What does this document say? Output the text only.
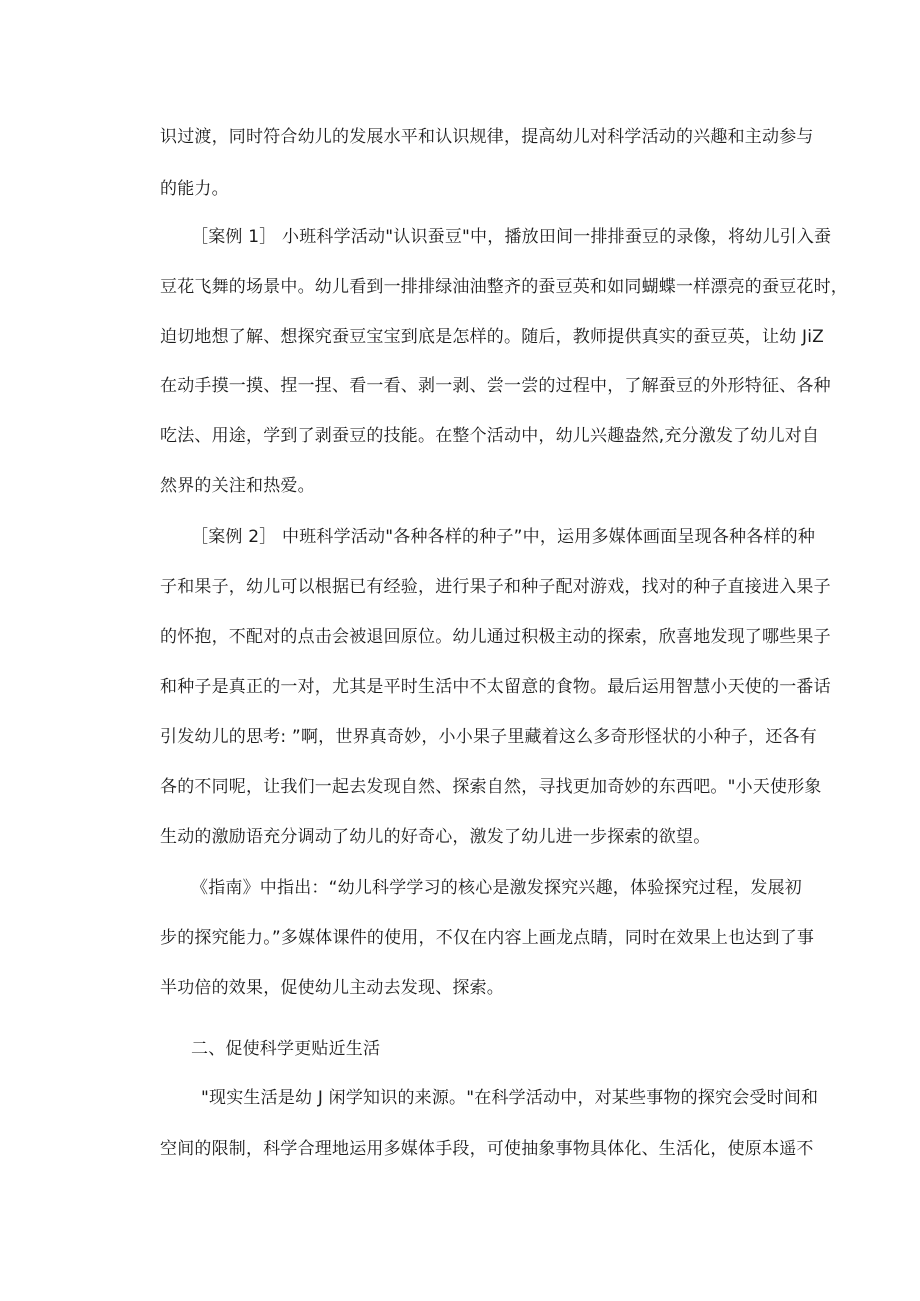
识过渡，同时符合幼儿的发展水平和认识规律，提高幼儿对科学活动的兴趣和主动参与
的能力。
［案例 1］ 小班科学活动"认识蚕豆"中，播放田间一排排蚕豆的录像，将幼儿引入蚕
豆花飞舞的场景中。幼儿看到一排排绿油油整齐的蚕豆英和如同蝴蝶一样漂亮的蚕豆花时，
迫切地想了解、想探究蚕豆宝宝到底是怎样的。随后，教师提供真实的蚕豆英，让幼 JiZ
在动手摸一摸、捏一捏、看一看、剥一剥、尝一尝的过程中，了解蚕豆的外形特征、各种
吃法、用途，学到了剥蚕豆的技能。在整个活动中，幼儿兴趣盎然,充分激发了幼儿对自
然界的关注和热爱。
［案例 2］ 中班科学活动"各种各样的种子”中，运用多媒体画面呈现各种各样的种
子和果子，幼儿可以根据已有经验，进行果子和种子配对游戏，找对的种子直接进入果子
的怀抱，不配对的点击会被退回原位。幼儿通过积极主动的探索，欣喜地发现了哪些果子
和种子是真正的一对，尤其是平时生活中不太留意的食物。最后运用智慧小天使的一番话
引发幼儿的思考: ”啊，世界真奇妙，小小果子里藏着这么多奇形怪状的小种子，还各有
各的不同呢，让我们一起去发现自然、探索自然，寻找更加奇妙的东西吧。"小天使形象
生动的激励语充分调动了幼儿的好奇心，激发了幼儿进一步探索的欲望。
《指南》中指出：“幼儿科学学习的核心是激发探究兴趣，体验探究过程，发展初
步的探究能力。”多媒体课件的使用，不仅在内容上画龙点睛，同时在效果上也达到了事
半功倍的效果，促使幼儿主动去发现、探索。
二、促使科学更贴近生活
"现实生活是幼 J 闲学知识的来源。"在科学活动中，对某些事物的探究会受时间和
空间的限制，科学合理地运用多媒体手段，可使抽象事物具体化、生活化，使原本遥不
